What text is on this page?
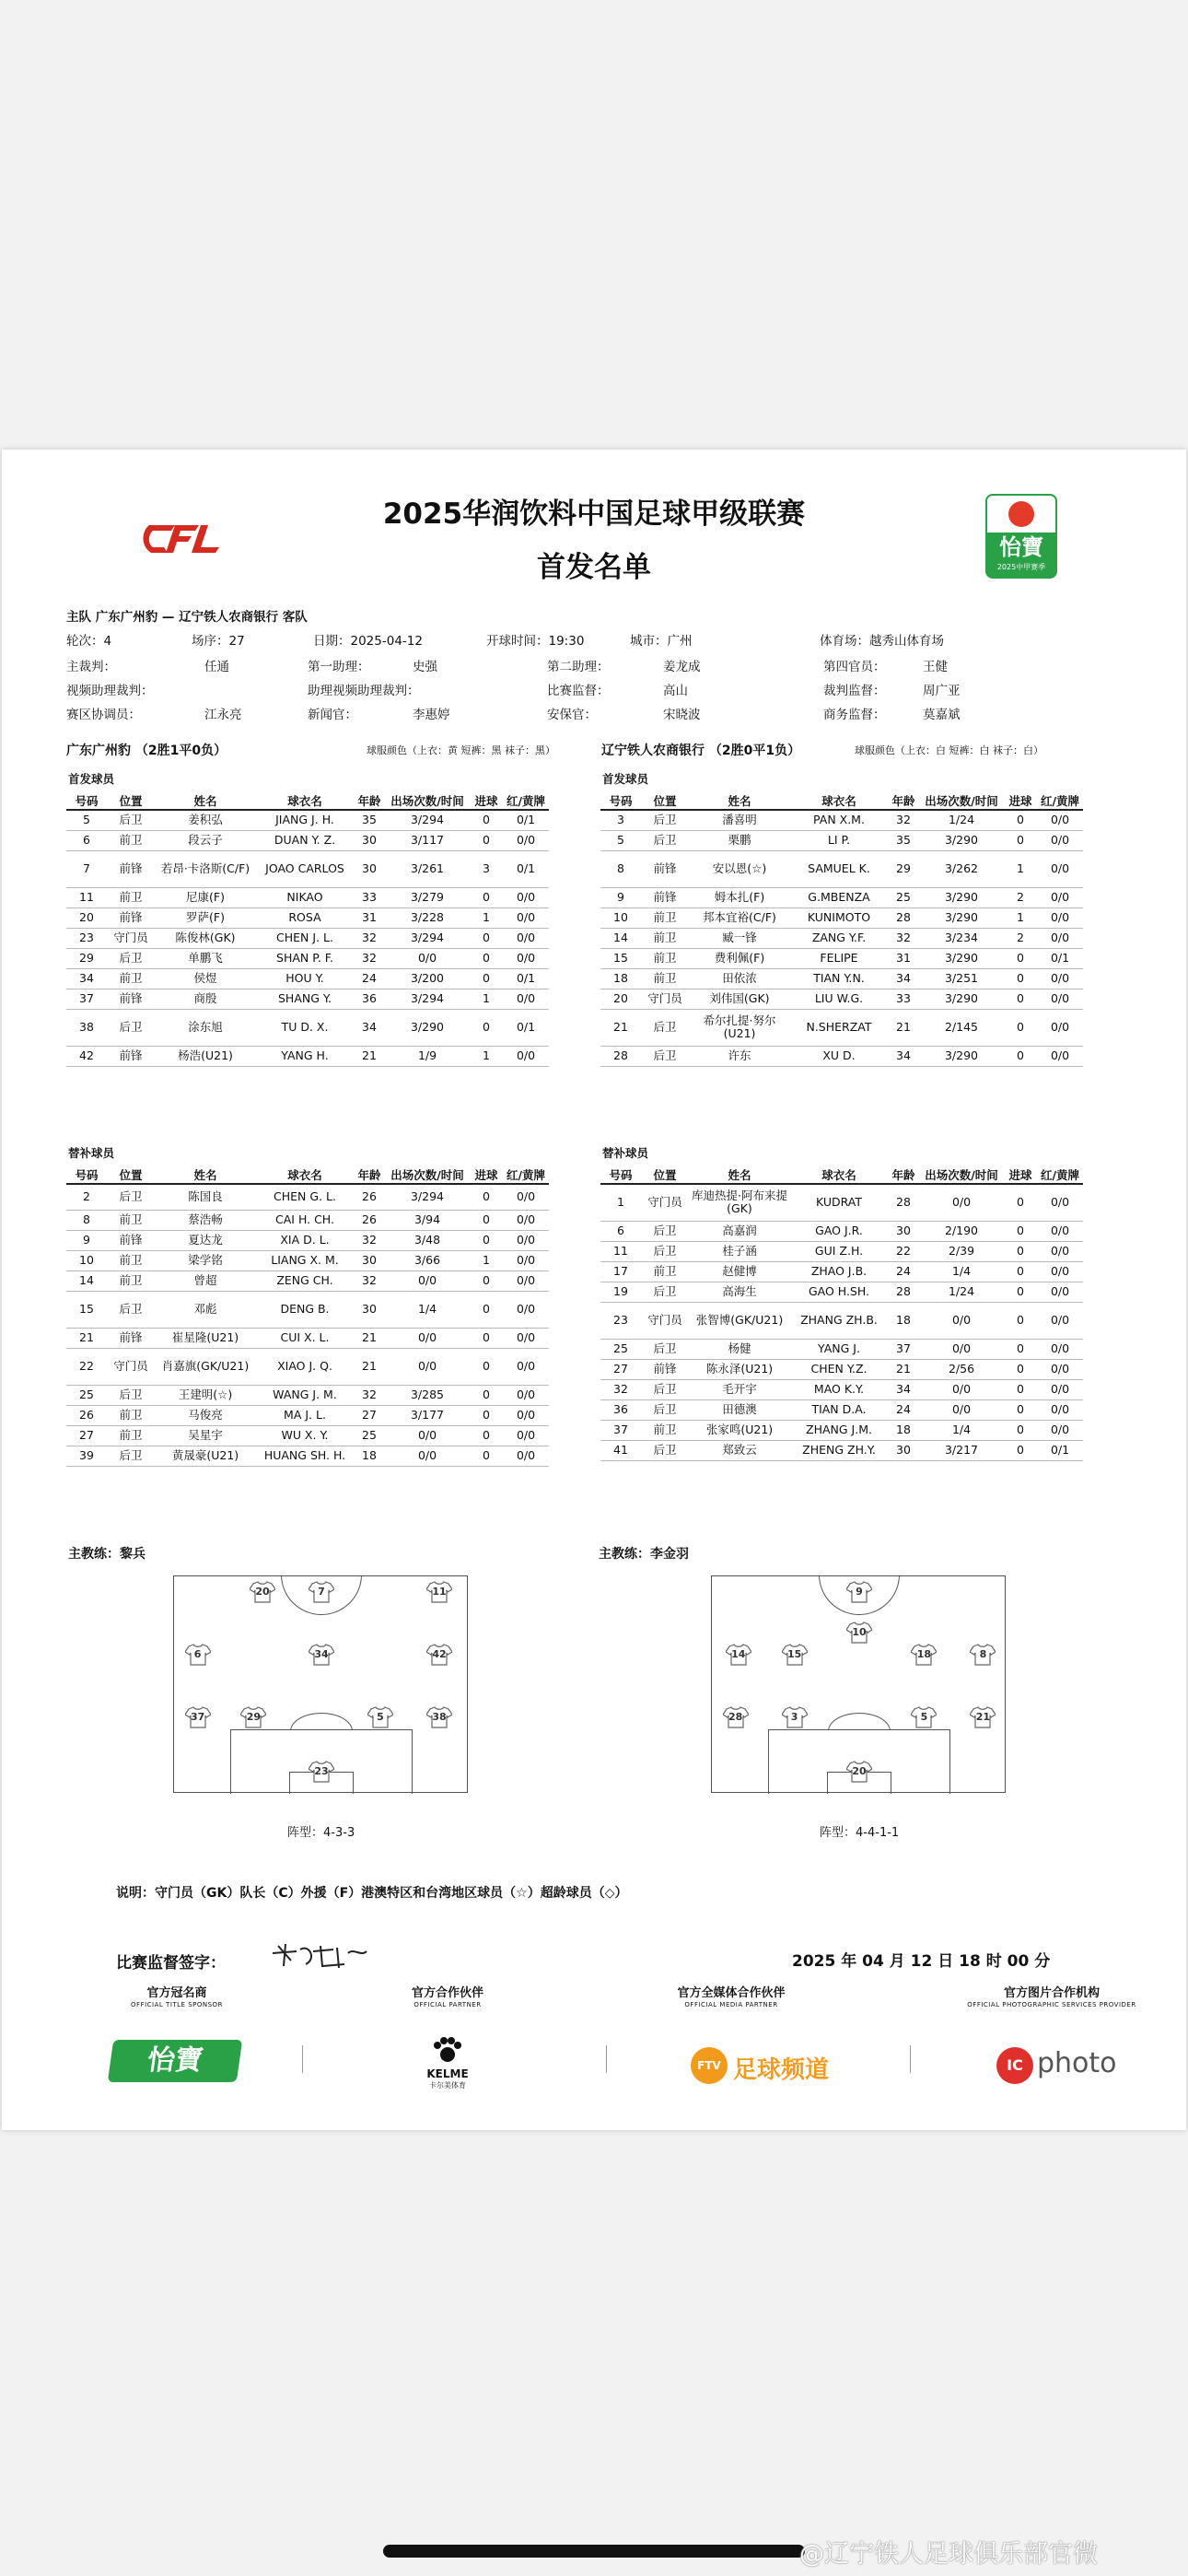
怡寶
2025中甲赛季
2025华润饮料中国足球甲级联赛
首发名单
主队 广东广州豹 — 辽宁铁人农商银行 客队
轮次：4	场序：27	日期：2025-04-12	开球时间：19:30	城市：广州	体育场：越秀山体育场
主裁判：	任通	第一助理：	史强	第二助理：	姜龙成	第四官员：	王健
视频助理裁判：	助理视频助理裁判：	比赛监督：	高山	裁判监督：	周广亚
赛区协调员：	江永亮	新闻官：	李惠婷	安保官：	宋晓波	商务监督：	莫嘉斌
广东广州豹 （2胜1平0负）	球服颜色（上衣：黄 短裤：黑 袜子：黑）	辽宁铁人农商银行 （2胜0平1负）	球服颜色（上衣：白 短裤：白 袜子：白）
首发球员	首发球员
替补球员	替补球员
号码	位置	姓名	球衣名	年龄	出场次数/时间	进球	红/黄牌
5	后卫	姜积弘	JIANG J. H.	35	3/294	0	0/1
6	前卫	段云子	DUAN Y. Z.	30	3/117	0	0/0
7	前锋	若昂·卡洛斯(C/F)	JOAO CARLOS	30	3/261	3	0/1
11	前卫	尼康(F)	NIKAO	33	3/279	0	0/0
20	前锋	罗萨(F)	ROSA	31	3/228	1	0/0
23	守门员	陈俊林(GK)	CHEN J. L.	32	3/294	0	0/0
29	后卫	单鹏飞	SHAN P. F.	32	0/0	0	0/0
34	前卫	侯煜	HOU Y.	24	3/200	0	0/1
37	前锋	商殷	SHANG Y.	36	3/294	1	0/0
38	后卫	涂东旭	TU D. X.	34	3/290	0	0/1
42	前锋	杨浩(U21)	YANG H.	21	1/9	1	0/0
号码	位置	姓名	球衣名	年龄	出场次数/时间	进球	红/黄牌
3	后卫	潘喜明	PAN X.M.	32	1/24	0	0/0
5	后卫	栗鹏	LI P.	35	3/290	0	0/0
8	前锋	安以恩(☆)	SAMUEL K.	29	3/262	1	0/0
9	前锋	姆本扎(F)	G.MBENZA	25	3/290	2	0/0
10	前卫	邦本宜裕(C/F)	KUNIMOTO	28	3/290	1	0/0
14	前卫	臧一锋	ZANG Y.F.	32	3/234	2	0/0
15	前卫	费利佩(F)	FELIPE	31	3/290	0	0/1
18	前卫	田依浓	TIAN Y.N.	34	3/251	0	0/0
20	守门员	刘伟国(GK)	LIU W.G.	33	3/290	0	0/0
21	后卫	希尔扎提·努尔(U21)	N.SHERZAT	21	2/145	0	0/0
28	后卫	许东	XU D.	34	3/290	0	0/0
号码	位置	姓名	球衣名	年龄	出场次数/时间	进球	红/黄牌
2	后卫	陈国良	CHEN G. L.	26	3/294	0	0/0
8	前卫	蔡浩畅	CAI H. CH.	26	3/94	0	0/0
9	前锋	夏达龙	XIA D. L.	32	3/48	0	0/0
10	前卫	梁学铭	LIANG X. M.	30	3/66	1	0/0
14	前卫	曾超	ZENG CH.	32	0/0	0	0/0
15	后卫	邓彪	DENG B.	30	1/4	0	0/0
21	前锋	崔星隆(U21)	CUI X. L.	21	0/0	0	0/0
22	守门员	肖嘉旗(GK/U21)	XIAO J. Q.	21	0/0	0	0/0
25	后卫	王建明(☆)	WANG J. M.	32	3/285	0	0/0
26	前卫	马俊亮	MA J. L.	27	3/177	0	0/0
27	前卫	吴星宇	WU X. Y.	25	0/0	0	0/0
39	后卫	黄晟豪(U21)	HUANG SH. H.	18	0/0	0	0/0
号码	位置	姓名	球衣名	年龄	出场次数/时间	进球	红/黄牌
1	守门员	库迪热提·阿布来提(GK)	KUDRAT	28	0/0	0	0/0
6	后卫	高嘉润	GAO J.R.	30	2/190	0	0/0
11	后卫	桂子涵	GUI Z.H.	22	2/39	0	0/0
17	前卫	赵健博	ZHAO J.B.	24	1/4	0	0/0
19	后卫	高海生	GAO H.SH.	28	1/24	0	0/0
23	守门员	张智博(GK/U21)	ZHANG ZH.B.	18	0/0	0	0/0
25	后卫	杨健	YANG J.	37	0/0	0	0/0
27	前锋	陈永泽(U21)	CHEN Y.Z.	21	2/56	0	0/0
32	后卫	毛开宇	MAO K.Y.	34	0/0	0	0/0
36	后卫	田德澳	TIAN D.A.	24	0/0	0	0/0
37	前卫	张家鸣(U21)	ZHANG J.M.	18	1/4	0	0/0
41	后卫	郑致云	ZHENG ZH.Y.	30	3/217	0	0/1
主教练：黎兵	主教练：李金羽
20	7	11
6	34	42
37	29	5	38
23
9
10
14	15	18	8
28	3	5	21
20
阵型：4-3-3	阵型：4-4-1-1
说明：守门员（GK）队长（C）外援（F）港澳特区和台湾地区球员（☆）超龄球员（◇）
比赛监督签字：	2025 年 04 月 12 日 18 时 00 分
官方冠名商
OFFICIAL TITLE SPONSOR
官方合作伙伴
OFFICIAL PARTNER
官方全媒体合作伙伴
OFFICIAL MEDIA PARTNER
官方图片合作机构
OFFICIAL PHOTOGRAPHIC SERVICES PROVIDER
怡寶	KELME
卡尔美体育
FTV 足球频道	IC photo
@辽宁铁人足球俱乐部官微
